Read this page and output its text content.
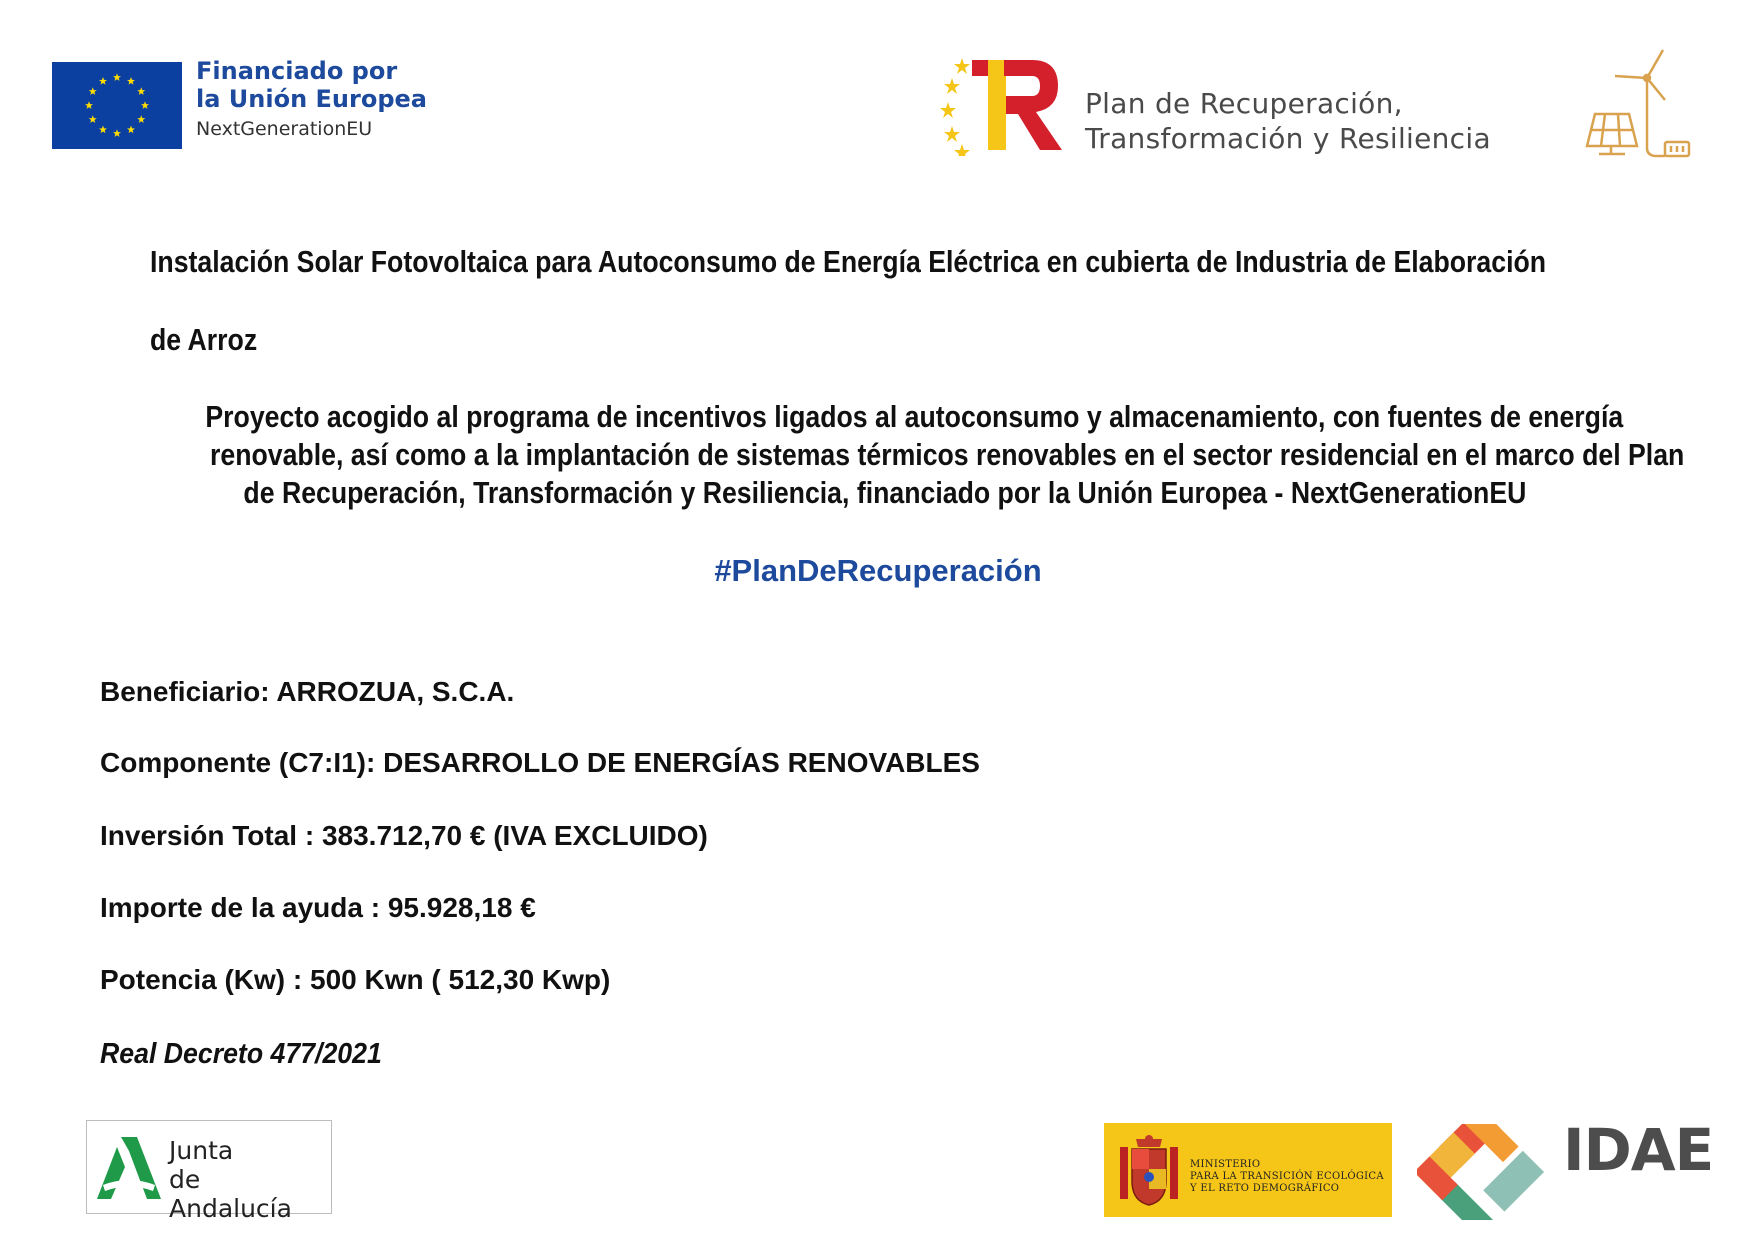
Financiado por
la Unión Europea
NextGenerationEU
Plan de Recuperación,
Transformación y Resiliencia
Instalación Solar Fotovoltaica para Autoconsumo de Energía Eléctrica en cubierta de Industria de Elaboración
de Arroz
Proyecto acogido al programa de incentivos ligados al autoconsumo y almacenamiento, con fuentes de energía
renovable, así como a la implantación de sistemas térmicos renovables en el sector residencial en el marco del Plan
de Recuperación, Transformación y Resiliencia, financiado por la Unión Europea - NextGenerationEU
#PlanDeRecuperación
Beneficiario: ARROZUA, S.C.A.
Componente (C7:I1): DESARROLLO DE ENERGÍAS RENOVABLES
Inversión Total : 383.712,70 € (IVA EXCLUIDO)
Importe de la ayuda : 95.928,18 €
Potencia (Kw) : 500 Kwn ( 512,30 Kwp)
Real Decreto 477/2021
Junta
de Andalucía
MINISTERIO
PARA LA TRANSICIÓN ECOLÓGICA
Y EL RETO DEMOGRÁFICO
IDAE
